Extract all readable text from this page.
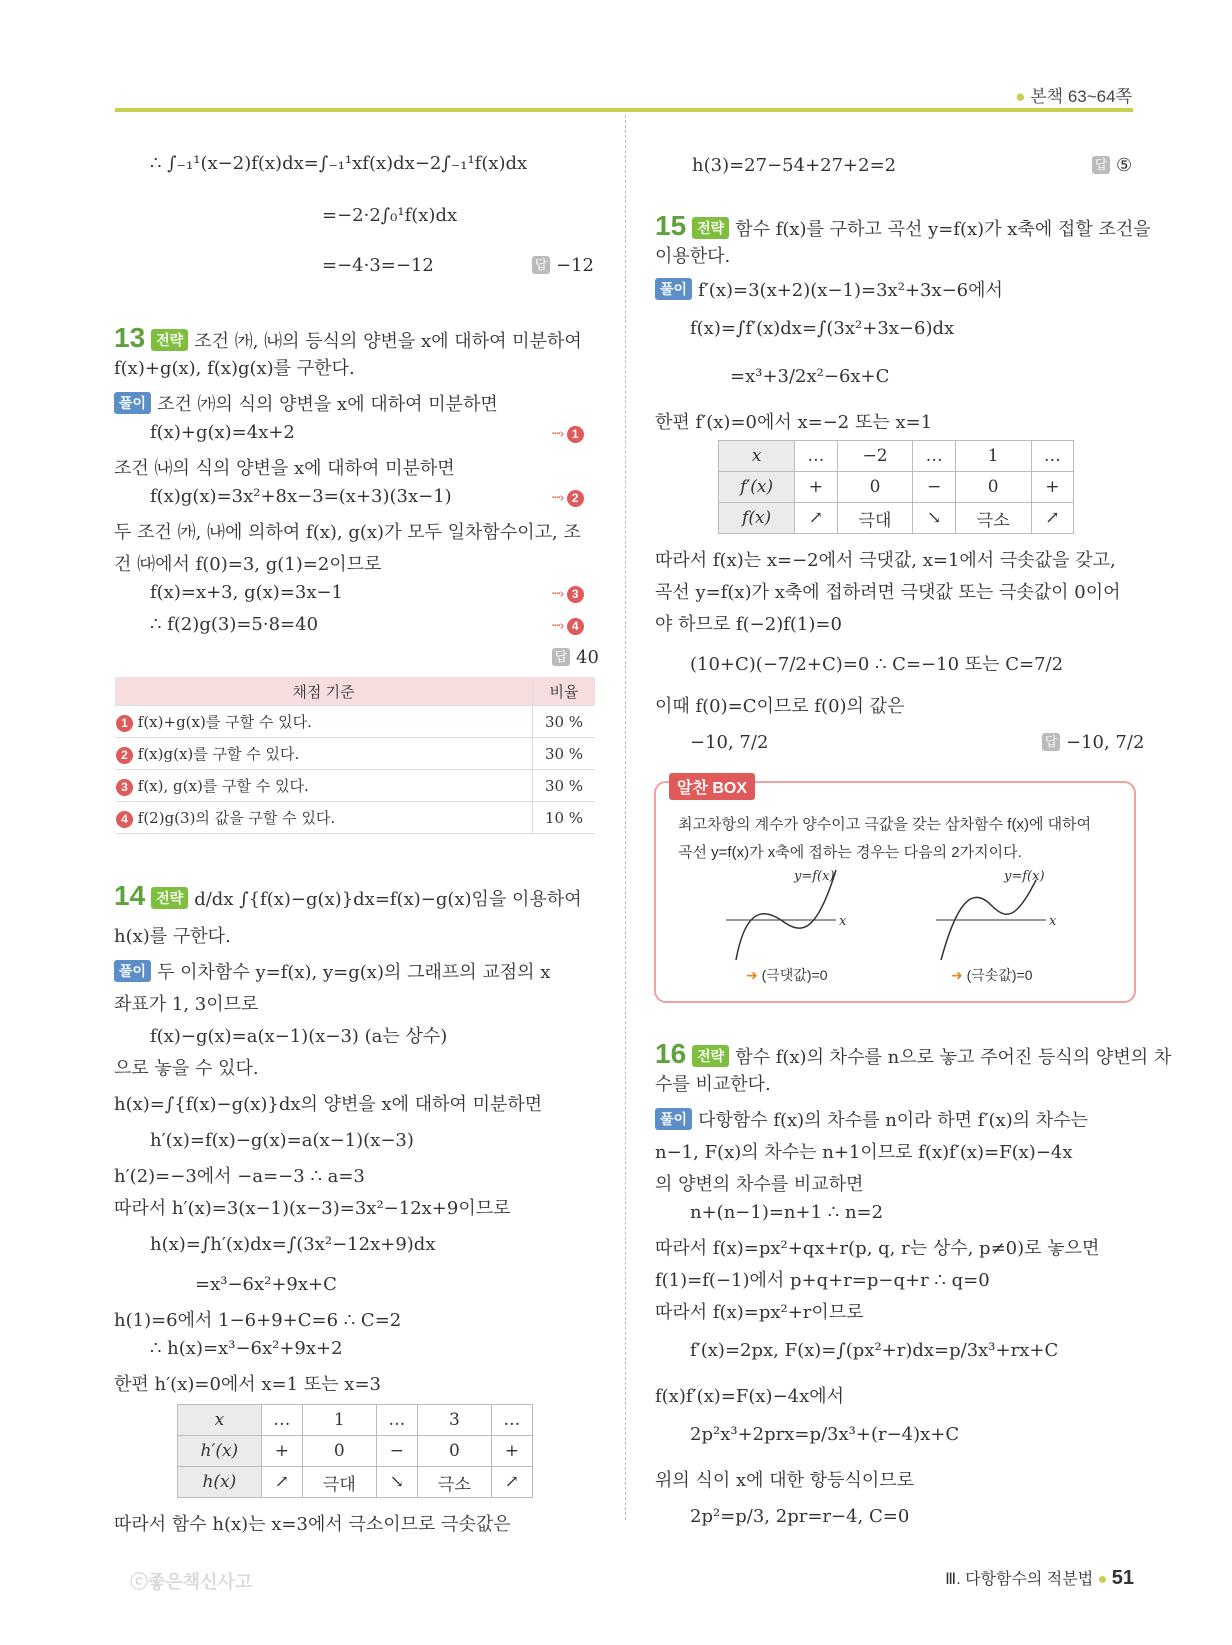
● 본책 63~64쪽
∴ ∫₋₁¹(x−2)f(x)dx=∫₋₁¹xf(x)dx−2∫₋₁¹f(x)dx
=−2·2∫₀¹f(x)dx
=−4·3=−12	답 −12
13 전략 조건 ㈎, ㈏의 등식의 양변을 x에 대하여 미분하여
f(x)+g(x), f(x)g(x)를 구한다.
풀이 조건 ㈎의 식의 양변을 x에 대하여 미분하면
f(x)+g(x)=4x+2	····› 1
조건 ㈏의 식의 양변을 x에 대하여 미분하면
f(x)g(x)=3x²+8x−3=(x+3)(3x−1)	····› 2
두 조건 ㈎, ㈏에 의하여 f(x), g(x)가 모두 일차함수이고, 조
건 ㈐에서 f(0)=3, g(1)=2이므로
f(x)=x+3, g(x)=3x−1	····› 3
∴ f(2)g(3)=5·8=40	····› 4
답 40
채점 기준	비율
1 f(x)+g(x)를 구할 수 있다.	30 %
2 f(x)g(x)를 구할 수 있다.	30 %
3 f(x), g(x)를 구할 수 있다.	30 %
4 f(2)g(3)의 값을 구할 수 있다.	10 %
14 전략 d/dx ∫{f(x)−g(x)}dx=f(x)−g(x)임을 이용하여
h(x)를 구한다.
풀이 두 이차함수 y=f(x), y=g(x)의 그래프의 교점의 x
좌표가 1, 3이므로
f(x)−g(x)=a(x−1)(x−3) (a는 상수)
으로 놓을 수 있다.
h(x)=∫{f(x)−g(x)}dx의 양변을 x에 대하여 미분하면
h′(x)=f(x)−g(x)=a(x−1)(x−3)
h′(2)=−3에서 −a=−3 ∴ a=3
따라서 h′(x)=3(x−1)(x−3)=3x²−12x+9이므로
h(x)=∫h′(x)dx=∫(3x²−12x+9)dx
=x³−6x²+9x+C
h(1)=6에서 1−6+9+C=6 ∴ C=2
∴ h(x)=x³−6x²+9x+2
한편 h′(x)=0에서 x=1 또는 x=3
x	…	1	…	3	…
h′(x)	+	0	−	0	+
h(x)	↗	극대	↘	극소	↗
따라서 함수 h(x)는 x=3에서 극소이므로 극솟값은
h(3)=27−54+27+2=2	답 ⑤
15 전략 함수 f(x)를 구하고 곡선 y=f(x)가 x축에 접할 조건을
이용한다.
풀이 f′(x)=3(x+2)(x−1)=3x²+3x−6에서
f(x)=∫f′(x)dx=∫(3x²+3x−6)dx
=x³+3/2x²−6x+C
한편 f′(x)=0에서 x=−2 또는 x=1
x	…	−2	…	1	…
f′(x)	+	0	−	0	+
f(x)	↗	극대	↘	극소	↗
따라서 f(x)는 x=−2에서 극댓값, x=1에서 극솟값을 갖고,
곡선 y=f(x)가 x축에 접하려면 극댓값 또는 극솟값이 0이어
야 하므로 f(−2)f(1)=0
(10+C)(−7/2+C)=0 ∴ C=−10 또는 C=7/2
이때 f(0)=C이므로 f(0)의 값은
−10, 7/2	답 −10, 7/2
알찬 BOX
최고차항의 계수가 양수이고 극값을 갖는 삼차함수 f(x)에 대하여
곡선 y=f(x)가 x축에 접하는 경우는 다음의 2가지이다.
y=f(x)
x
y=f(x)
x
➜ (극댓값)=0	➜ (극솟값)=0
16 전략 함수 f(x)의 차수를 n으로 놓고 주어진 등식의 양변의 차
수를 비교한다.
풀이 다항함수 f(x)의 차수를 n이라 하면 f′(x)의 차수는
n−1, F(x)의 차수는 n+1이므로 f(x)f′(x)=F(x)−4x
의 양변의 차수를 비교하면
n+(n−1)=n+1 ∴ n=2
따라서 f(x)=px²+qx+r(p, q, r는 상수, p≠0)로 놓으면
f(1)=f(−1)에서 p+q+r=p−q+r ∴ q=0
따라서 f(x)=px²+r이므로
f′(x)=2px, F(x)=∫(px²+r)dx=p/3x³+rx+C
f(x)f′(x)=F(x)−4x에서
2p²x³+2prx=p/3x³+(r−4)x+C
위의 식이 x에 대한 항등식이므로
2p²=p/3, 2pr=r−4, C=0
ⓒ좋은책신사고	Ⅲ. 다항함수의 적분법 ● 51
